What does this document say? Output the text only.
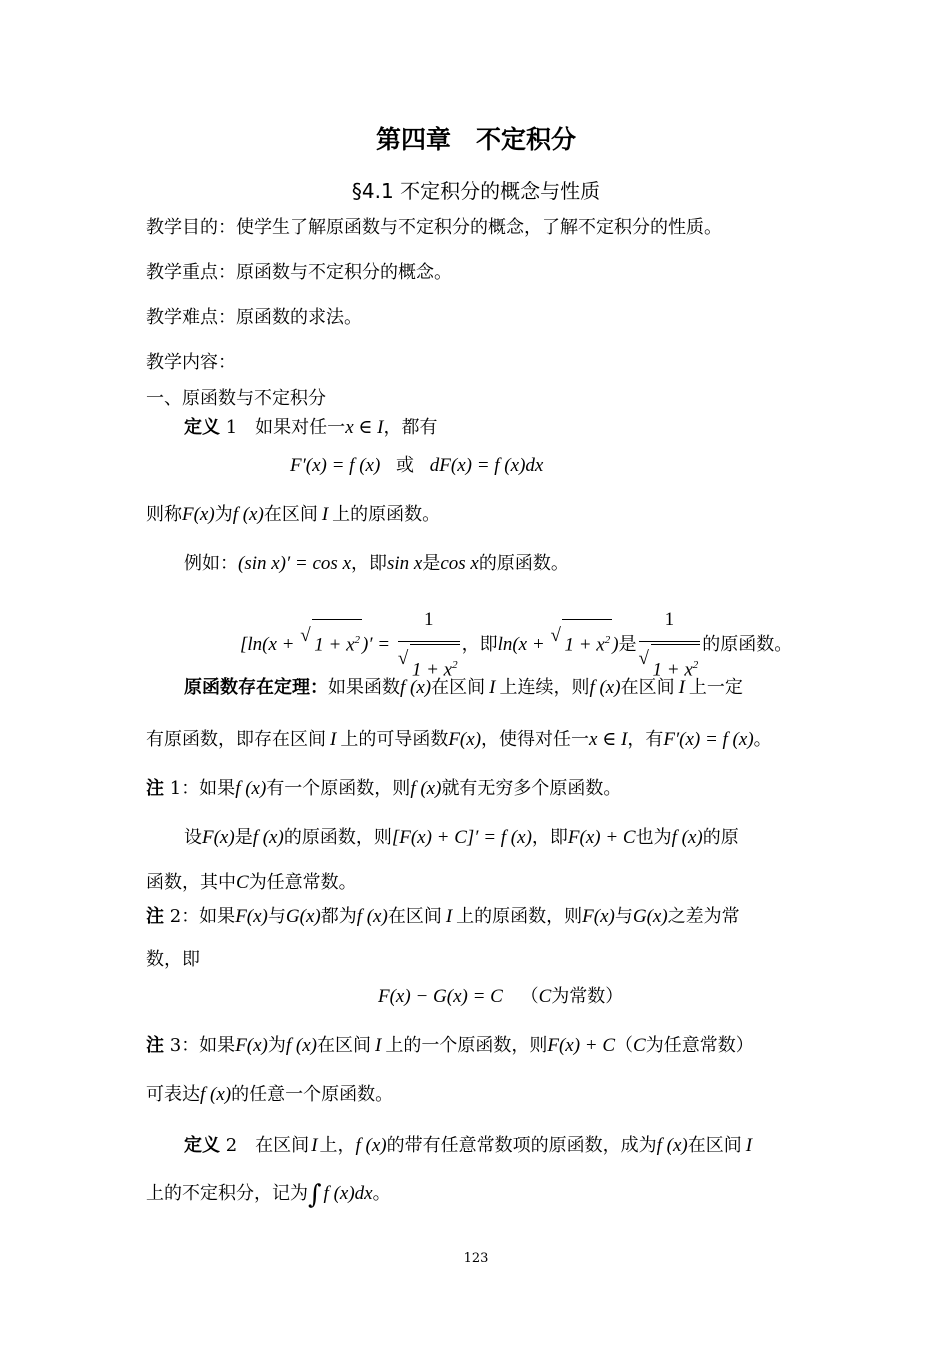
第四章　不定积分
§4.1 不定积分的概念与性质
教学目的：使学生了解原函数与不定积分的概念，了解不定积分的性质。
教学重点：原函数与不定积分的概念。
教学难点：原函数的求法。
教学内容：
一、原函数与不定积分
定义 1　如果对任一x ∈ I，都有
F′(x) = f (x) 或 dF(x) = f (x)dx
则称F(x)为f (x)在区间 I 上的原函数。
例如：(sin x)′ = cos x，即sin x是cos x的原函数。
[ln(x + √ $1 + x^2$ )′ = 1
√
$1 + x^2$ ，即ln(x + √ $1 + x^2$ )是 1
√
$1 + x^2$ 的原函数。
原函数存在定理：如果函数f (x)在区间 I 上连续，则f (x)在区间 I 上一定
有原函数，即存在区间 I 上的可导函数F(x)，使得对任一x ∈ I，有F′(x) = f (x)。
注 1：如果f (x)有一个原函数，则f (x)就有无穷多个原函数。
设F(x)是f (x)的原函数，则[F(x) + C]′ = f (x)，即F(x) + C也为f (x)的原
函数，其中C为任意常数。
注 2：如果F(x)与G(x)都为f (x)在区间 I 上的原函数，则F(x)与G(x)之差为常
数，即
F(x) − G(x) = C （C为常数）
注 3：如果F(x)为f (x)在区间 I 上的一个原函数，则F(x) + C（C为任意常数）
可表达f (x)的任意一个原函数。
定义 2　在区间 I 上，f (x)的带有任意常数项的原函数，成为f (x)在区间 I
上的不定积分，记为∫ f (x)dx。
123
